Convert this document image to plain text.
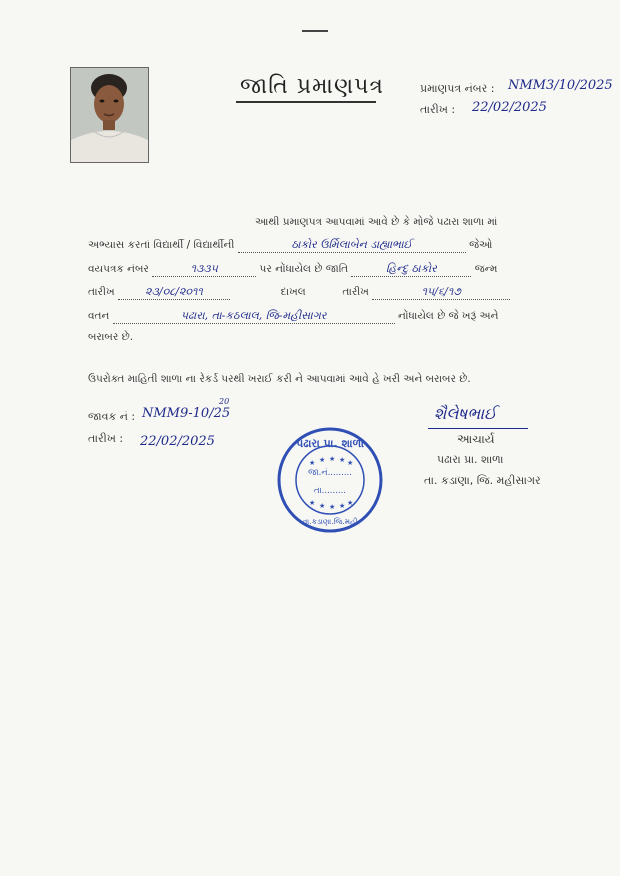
જાતિ પ્રમાણપત્ર	પ્રમાણપત્ર નંબર : NMM3/10/2025
તારીખ : 22/02/2025
આથી પ્રમાણપત્ર આપવામાં આવે છે કે મોજે પઢારા શાળા માં
અભ્યાસ કરતાં વિદ્યાર્થી / વિદ્યાર્થીની	ઠાકોર ઉર્મિલાબેન ડાહ્યાભાઈ	જેઓ
વયપત્રક નંબર	૧૩૩૫	પર નોંધાયેલ છે જાતિ	હિન્દુ ઠાકોર	જન્મ
તારીખ	૨૩/૦૮/૨૦૧૧	દાખલ	તારીખ	૧૫/૬/૧૭
વતન	પઢારા, તા-કઠલાલ, જિ-મહીસાગર	નોંધાયેલ છે જે ખરૂં અને
બરાબર છે.
ઉપરોક્ત માહિતી શાળા ના રેકર્ડ પરથી ખરાઈ કરી ને આપવામાં આવે હે ખરી અને બરાબર છે.
જાવક નં : NMM9-10/25
20
તારીખ : 22/02/2025	પઢારા પ્રા. શાળા
જા.નં.........
તા.........
તા.કડાણા.જિ.મહી
★ ★ ★ ★ ★
★ ★ ★ ★ ★
શૈલેષભાઈ
આચાર્ય
પઢારા પ્રા. શાળા
તા. કડાણા, જિ. મહીસાગર
